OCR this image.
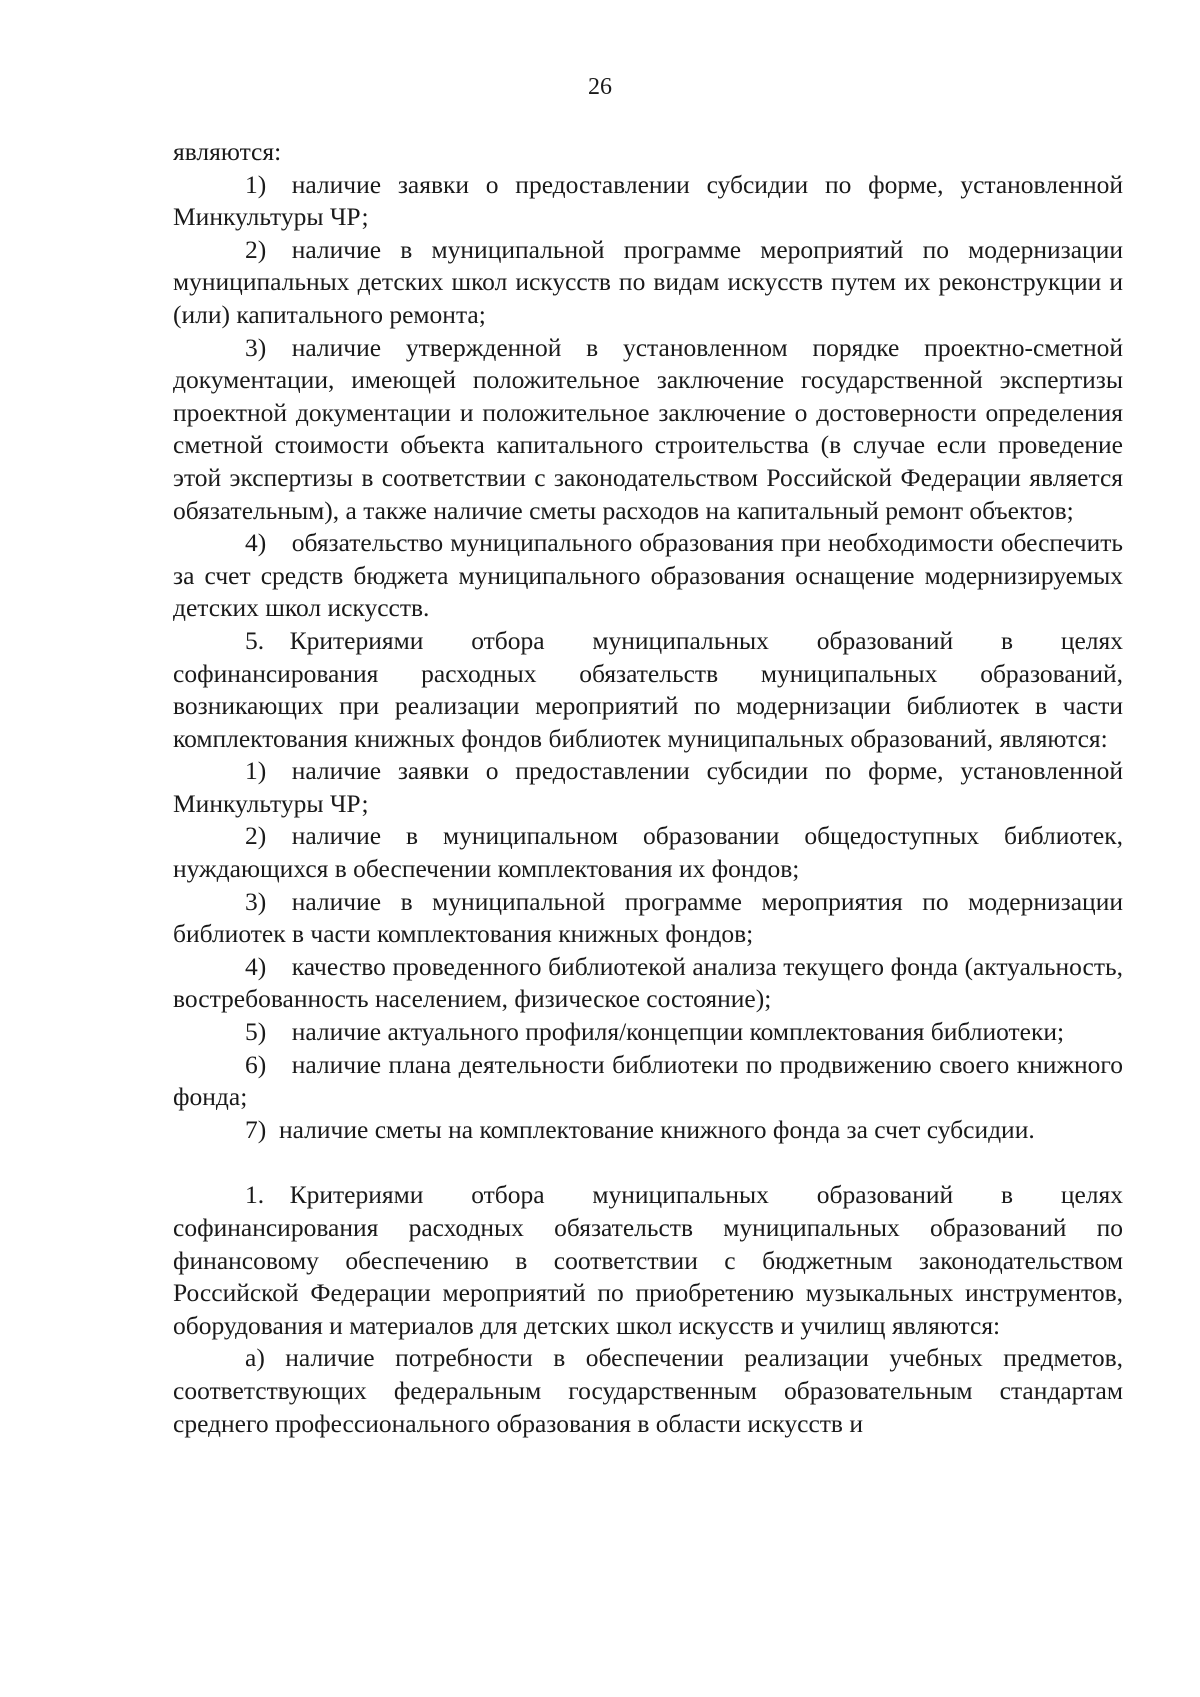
26

являются:

1) наличие заявки о предоставлении субсидии по форме, установленной Минкультуры ЧР;

2) наличие в муниципальной программе мероприятий по модернизации муниципальных детских школ искусств по видам искусств путем их реконструкции и (или) капитального ремонта;

3) наличие утвержденной в установленном порядке проектно-сметной документации, имеющей положительное заключение государственной экспертизы проектной документации и положительное заключение о достоверности определения сметной стоимости объекта капитального строительства (в случае если проведение этой экспертизы в соответствии с законодательством Российской Федерации является обязательным), а также наличие сметы расходов на капитальный ремонт объектов;

4) обязательство муниципального образования при необходимости обеспечить за счет средств бюджета муниципального образования оснащение модернизируемых детских школ искусств.

5. Критериями отбора муниципальных образований в целях софинансирования расходных обязательств муниципальных образований, возникающих при реализации мероприятий по модернизации библиотек в части комплектования книжных фондов библиотек муниципальных образований, являются:

1) наличие заявки о предоставлении субсидии по форме, установленной Минкультуры ЧР;

2) наличие в муниципальном образовании общедоступных библиотек, нуждающихся в обеспечении комплектования их фондов;

3) наличие в муниципальной программе мероприятия по модернизации библиотек в части комплектования книжных фондов;

4) качество проведенного библиотекой анализа текущего фонда (актуальность, востребованность населением, физическое состояние);

5) наличие актуального профиля/концепции комплектования библиотеки;

6) наличие плана деятельности библиотеки по продвижению своего книжного фонда;

7) наличие сметы на комплектование книжного фонда за счет субсидии.

1. Критериями отбора муниципальных образований в целях софинансирования расходных обязательств муниципальных образований по финансовому обеспечению в соответствии с бюджетным законодательством Российской Федерации мероприятий по приобретению музыкальных инструментов, оборудования и материалов для детских школ искусств и училищ являются:

а) наличие потребности в обеспечении реализации учебных предметов, соответствующих федеральным государственным образовательным стандартам среднего профессионального образования в области искусств и
